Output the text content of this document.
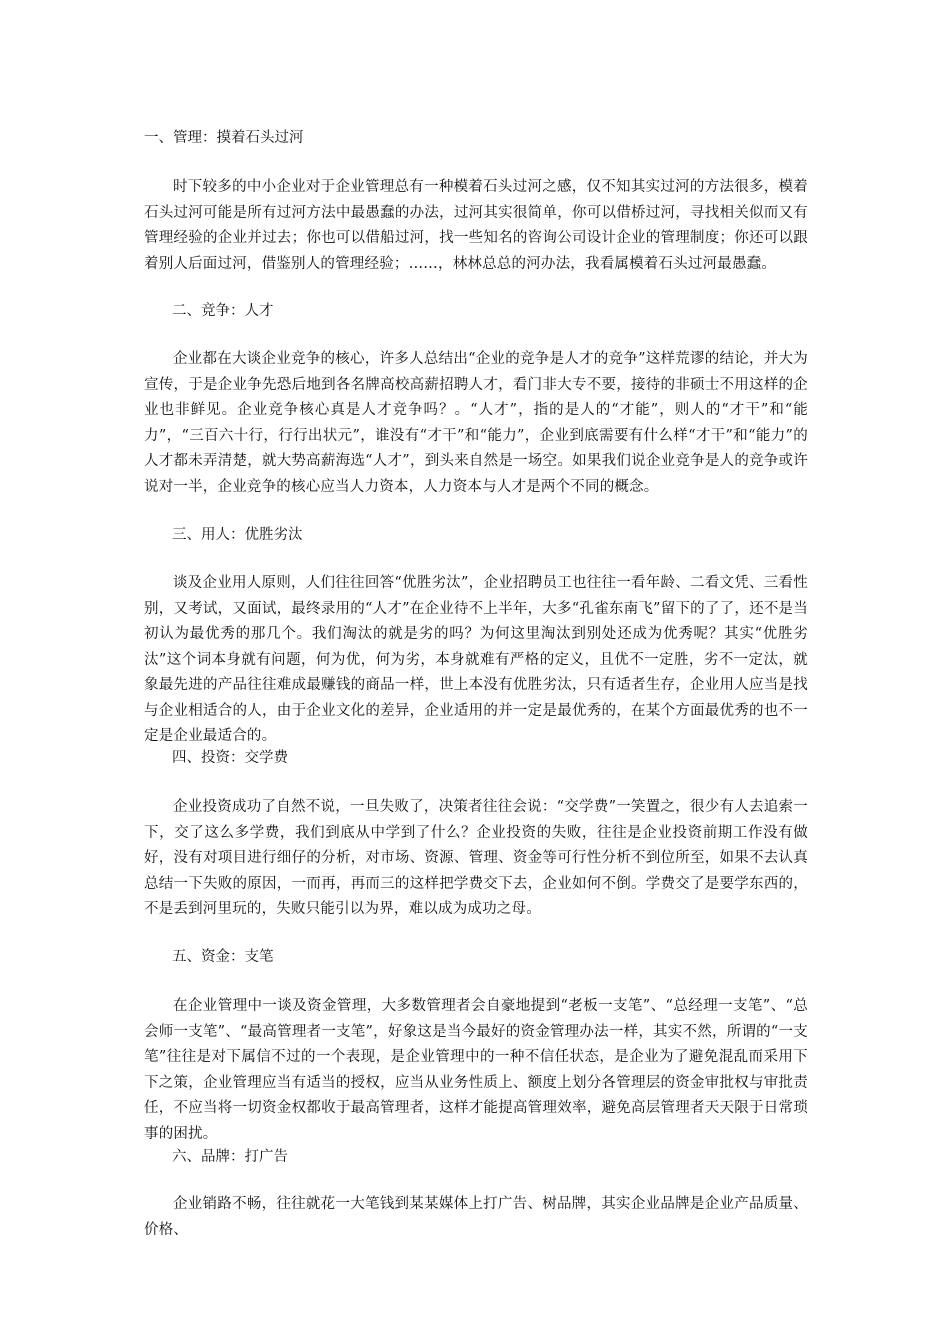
一、管理：摸着石头过河

时下较多的中小企业对于企业管理总有一种模着石头过河之感，仅不知其实过河的方法很多，模着石头过河可能是所有过河方法中最愚蠢的办法，过河其实很简单，你可以借桥过河，寻找相关似而又有管理经验的企业并过去；你也可以借船过河，找一些知名的咨询公司设计企业的管理制度；你还可以跟着别人后面过河，借鉴别人的管理经验；……，林林总总的河办法，我看属模着石头过河最愚蠢。

二、竞争：人才

企业都在大谈企业竞争的核心，许多人总结出“企业的竞争是人才的竞争”这样荒谬的结论，并大为宣传，于是企业争先恐后地到各名牌高校高薪招聘人才，看门非大专不要，接待的非硕士不用这样的企业也非鲜见。企业竞争核心真是人才竞争吗？。“人才”，指的是人的“才能”，则人的“才干”和“能力”，“三百六十行，行行出状元”，谁没有“才干”和“能力”，企业到底需要有什么样“才干”和“能力”的人才都未弄清楚，就大势高薪海选“人才”，到头来自然是一场空。如果我们说企业竞争是人的竞争或许说对一半，企业竞争的核心应当人力资本，人力资本与人才是两个不同的概念。

三、用人：优胜劣汰

谈及企业用人原则，人们往往回答“优胜劣汰”，企业招聘员工也往往一看年龄、二看文凭、三看性别，又考试，又面试，最终录用的“人才”在企业待不上半年，大多“孔雀东南飞”留下的了了，还不是当初认为最优秀的那几个。我们淘汰的就是劣的吗？为何这里淘汰到别处还成为优秀呢？其实“优胜劣汰”这个词本身就有问题，何为优，何为劣，本身就难有严格的定义，且优不一定胜，劣不一定汰，就象最先进的产品往往难成最赚钱的商品一样，世上本没有优胜劣汰，只有适者生存，企业用人应当是找与企业相适合的人，由于企业文化的差异，企业适用的并一定是最优秀的，在某个方面最优秀的也不一定是企业最适合的。

四、投资：交学费

企业投资成功了自然不说，一旦失败了，决策者往往会说：“交学费”一笑置之，很少有人去追索一下，交了这么多学费，我们到底从中学到了什么？企业投资的失败，往往是企业投资前期工作没有做好，没有对项目进行细仔的分析，对市场、资源、管理、资金等可行性分析不到位所至，如果不去认真总结一下失败的原因，一而再，再而三的这样把学费交下去，企业如何不倒。学费交了是要学东西的，不是丢到河里玩的，失败只能引以为界，难以成为成功之母。

五、资金：支笔

在企业管理中一谈及资金管理，大多数管理者会自豪地提到“老板一支笔”、“总经理一支笔”、“总会师一支笔”、“最高管理者一支笔”，好象这是当今最好的资金管理办法一样，其实不然，所谓的“一支笔”往往是对下属信不过的一个表现，是企业管理中的一种不信任状态，是企业为了避免混乱而采用下下之策，企业管理应当有适当的授权，应当从业务性质上、额度上划分各管理层的资金审批权与审批责任，不应当将一切资金权都收于最高管理者，这样才能提高管理效率，避免高层管理者天天限于日常琐事的困扰。

六、品牌：打广告

企业销路不畅，往往就花一大笔钱到某某媒体上打广告、树品牌，其实企业品牌是企业产品质量、价格、
